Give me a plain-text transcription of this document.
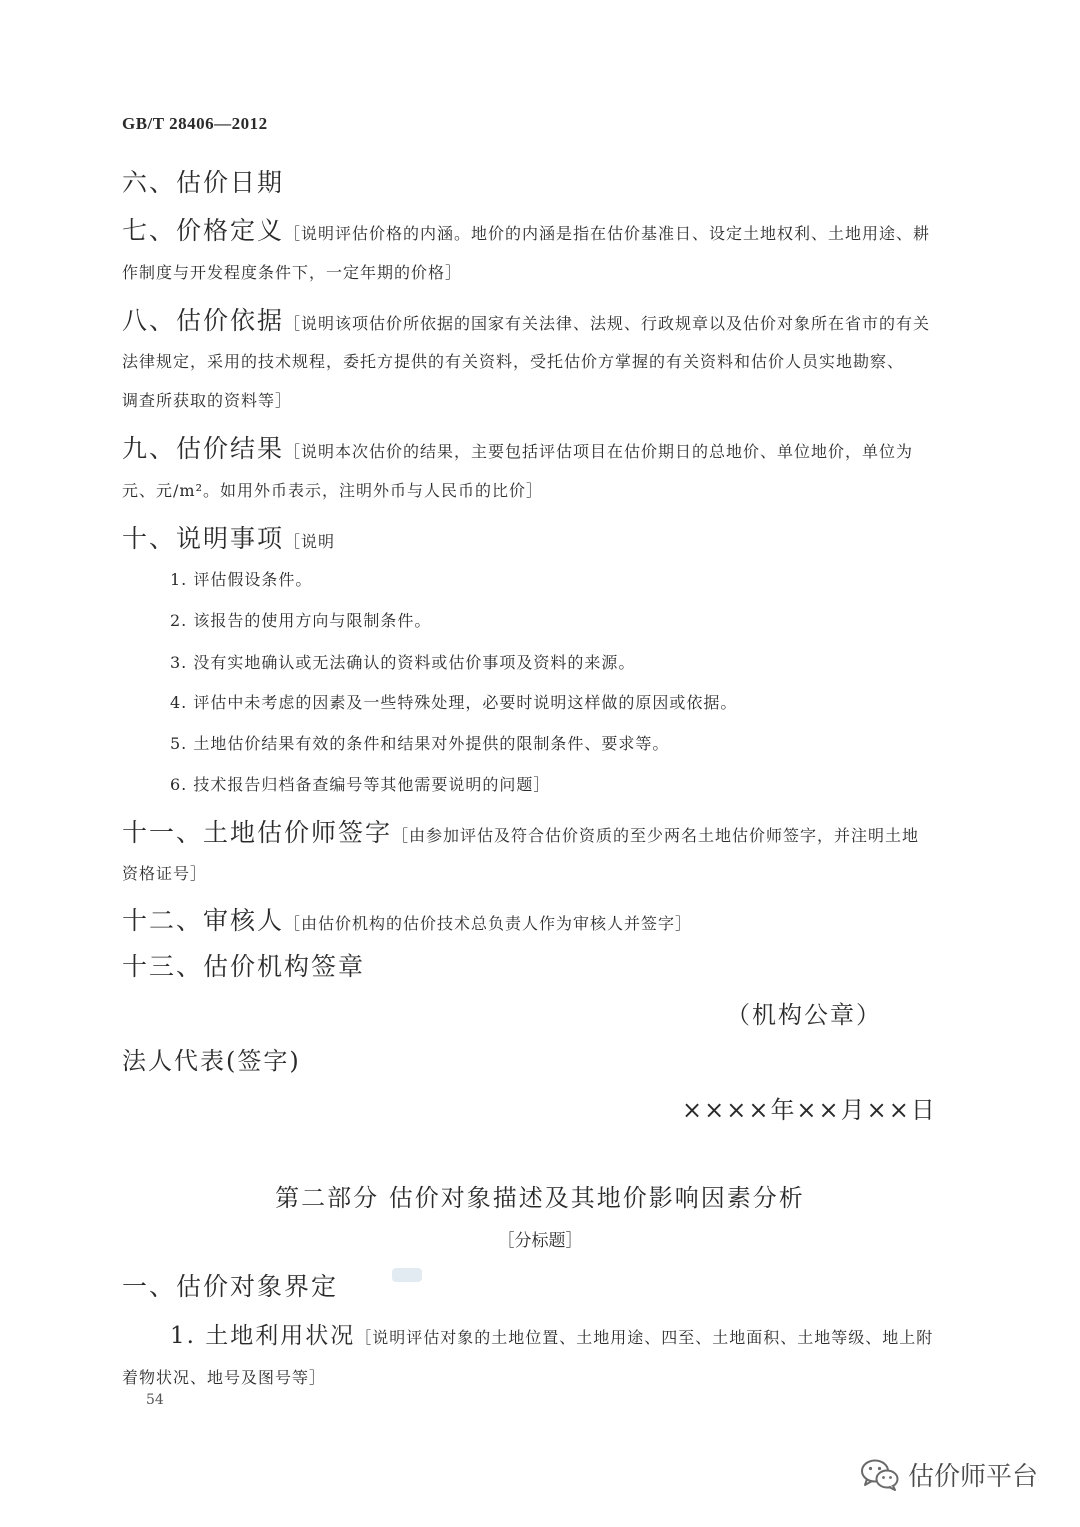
GB/T 28406—2012

六、估价日期

七、价格定义［说明评估价格的内涵。地价的内涵是指在估价基准日、设定土地权利、土地用途、耕

作制度与开发程度条件下，一定年期的价格］

八、估价依据［说明该项估价所依据的国家有关法律、法规、行政规章以及估价对象所在省市的有关

法律规定，采用的技术规程，委托方提供的有关资料，受托估价方掌握的有关资料和估价人员实地勘察、

调查所获取的资料等］

九、估价结果［说明本次估价的结果，主要包括评估项目在估价期日的总地价、单位地价，单位为

元、元/m²。如用外币表示，注明外币与人民币的比价］

十、说明事项［说明

1. 评估假设条件。
2. 该报告的使用方向与限制条件。
3. 没有实地确认或无法确认的资料或估价事项及资料的来源。
4. 评估中未考虑的因素及一些特殊处理，必要时说明这样做的原因或依据。
5. 土地估价结果有效的条件和结果对外提供的限制条件、要求等。
6. 技术报告归档备查编号等其他需要说明的问题］

十一、土地估价师签字［由参加评估及符合估价资质的至少两名土地估价师签字，并注明土地

资格证号］

十二、审核人［由估价机构的估价技术总负责人作为审核人并签字］

十三、估价机构签章

（机构公章）
法人代表(签字)
××××年××月××日
第二部分 估价对象描述及其地价影响因素分析
［分标题］

一、估价对象界定

1. 土地利用状况［说明评估对象的土地位置、土地用途、四至、土地面积、土地等级、地上附

着物状况、地号及图号等］

54
估价师平台
